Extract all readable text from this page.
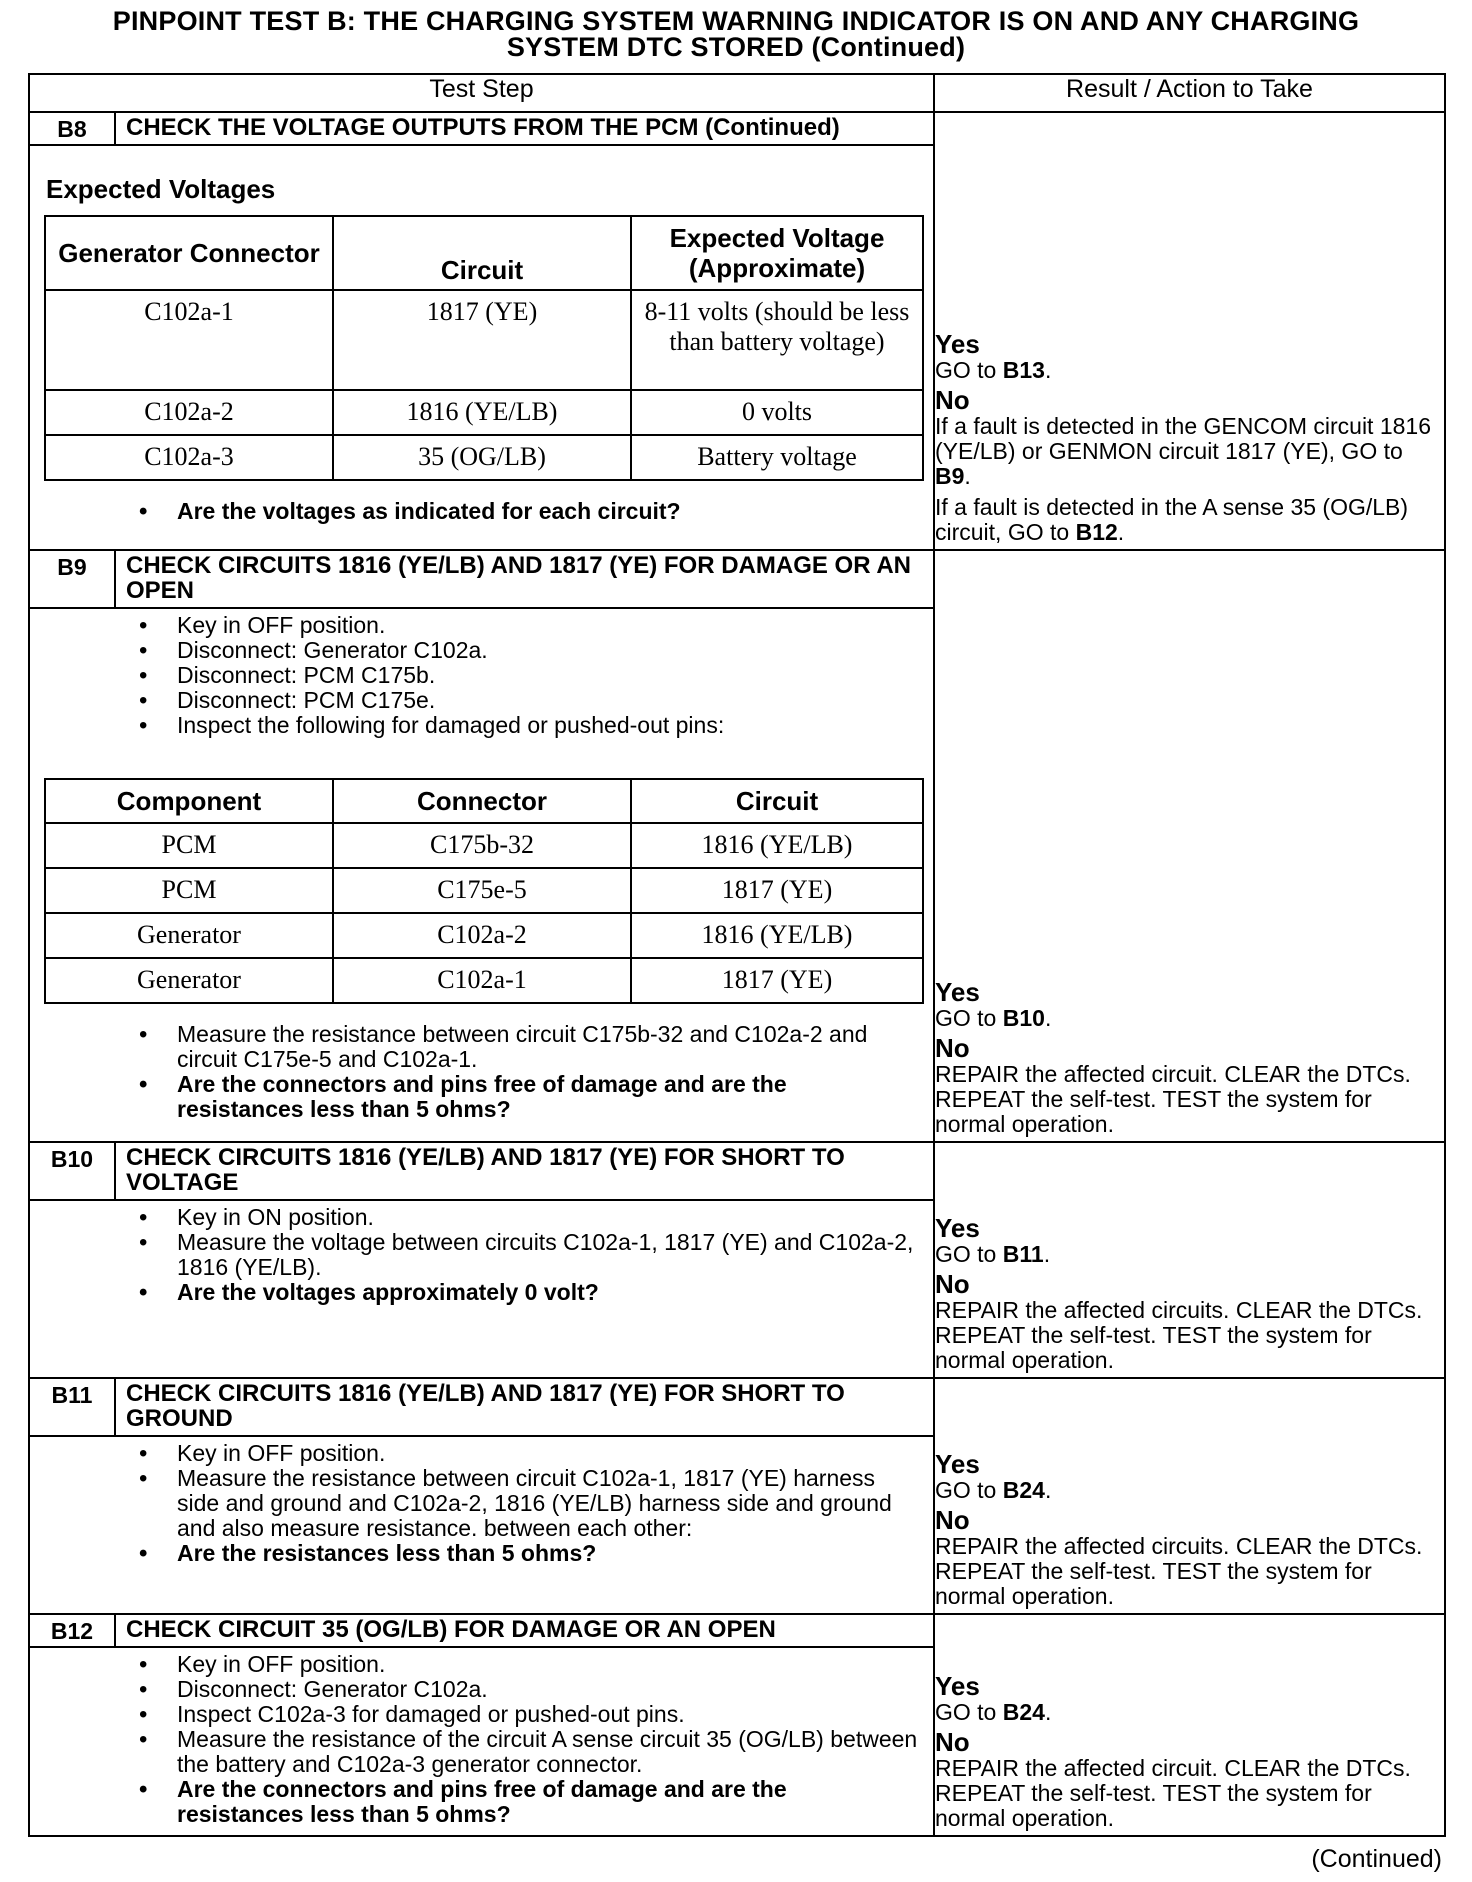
PINPOINT TEST B: THE CHARGING SYSTEM WARNING INDICATOR IS ON AND ANY CHARGING
SYSTEM DTC STORED (Continued)
Test Step	Result / Action to Take

B8	CHECK THE VOLTAGE OUTPUTS FROM THE PCM (Continued)
Expected Voltages
Generator Connector	Circuit	Expected Voltage (Approximate)
C102a-1	1817 (YE)	8-11 volts (should be less than battery voltage)
C102a-2	1816 (YE/LB)	0 volts
C102a-3	35 (OG/LB)	Battery voltage
• Are the voltages as indicated for each circuit?

Yes

GO to B13.

No

If a fault is detected in the GENCOM circuit 1816 (YE/LB) or GENMON circuit 1817 (YE), GO to B9.

If a fault is detected in the A sense 35 (OG/LB) circuit, GO to B12.

B9	CHECK CIRCUITS 1816 (YE/LB) AND 1817 (YE) FOR DAMAGE OR AN OPEN
• Key in OFF position.
• Disconnect: Generator C102a.
• Disconnect: PCM C175b.
• Disconnect: PCM C175e.
• Inspect the following for damaged or pushed-out pins:
Component	Connector	Circuit
PCM	C175b-32	1816 (YE/LB)
PCM	C175e-5	1817 (YE)
Generator	C102a-2	1816 (YE/LB)
Generator	C102a-1	1817 (YE)
• Measure the resistance between circuit C175b-32 and C102a-2 and circuit C175e-5 and C102a-1.
• Are the connectors and pins free of damage and are the resistances less than 5 ohms?

Yes

GO to B10.

No

REPAIR the affected circuit. CLEAR the DTCs. REPEAT the self-test. TEST the system for normal operation.

B10	CHECK CIRCUITS 1816 (YE/LB) AND 1817 (YE) FOR SHORT TO VOLTAGE
• Key in ON position.
• Measure the voltage between circuits C102a-1, 1817 (YE) and C102a-2, 1816 (YE/LB).
• Are the voltages approximately 0 volt?

Yes

GO to B11.

No

REPAIR the affected circuits. CLEAR the DTCs. REPEAT the self-test. TEST the system for normal operation.

B11	CHECK CIRCUITS 1816 (YE/LB) AND 1817 (YE) FOR SHORT TO GROUND
• Key in OFF position.
• Measure the resistance between circuit C102a-1, 1817 (YE) harness side and ground and C102a-2, 1816 (YE/LB) harness side and ground and also measure resistance. between each other:
• Are the resistances less than 5 ohms?

Yes

GO to B24.

No

REPAIR the affected circuits. CLEAR the DTCs. REPEAT the self-test. TEST the system for normal operation.

B12	CHECK CIRCUIT 35 (OG/LB) FOR DAMAGE OR AN OPEN
• Key in OFF position.
• Disconnect: Generator C102a.
• Inspect C102a-3 for damaged or pushed-out pins.
• Measure the resistance of the circuit A sense circuit 35 (OG/LB) between the battery and C102a-3 generator connector.
• Are the connectors and pins free of damage and are the resistances less than 5 ohms?

Yes

GO to B24.

No

REPAIR the affected circuit. CLEAR the DTCs. REPEAT the self-test. TEST the system for normal operation.

(Continued)
